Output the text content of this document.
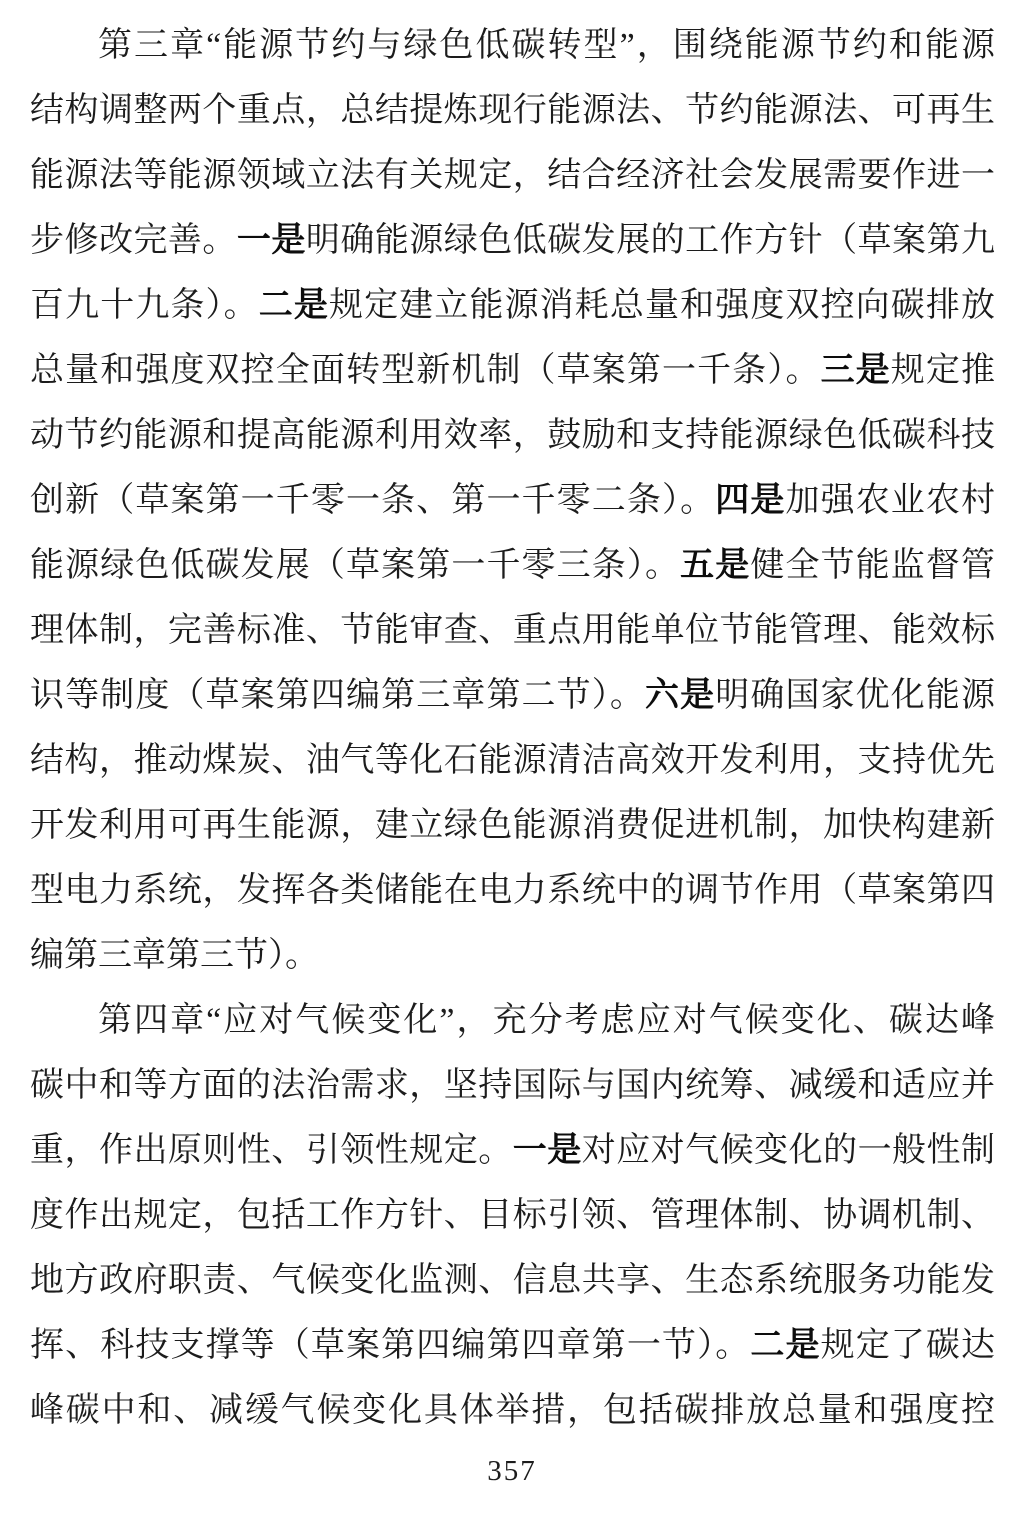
第三章“能源节约与绿色低碳转型”，围绕能源节约和能源
结构调整两个重点，总结提炼现行能源法、节约能源法、可再生
能源法等能源领域立法有关规定，结合经济社会发展需要作进一
步修改完善。一是明确能源绿色低碳发展的工作方针（草案第九
百九十九条）。二是规定建立能源消耗总量和强度双控向碳排放
总量和强度双控全面转型新机制（草案第一千条）。三是规定推
动节约能源和提高能源利用效率，鼓励和支持能源绿色低碳科技
创新（草案第一千零一条、第一千零二条）。四是加强农业农村
能源绿色低碳发展（草案第一千零三条）。五是健全节能监督管
理体制，完善标准、节能审查、重点用能单位节能管理、能效标
识等制度（草案第四编第三章第二节）。六是明确国家优化能源
结构，推动煤炭、油气等化石能源清洁高效开发利用，支持优先
开发利用可再生能源，建立绿色能源消费促进机制，加快构建新
型电力系统，发挥各类储能在电力系统中的调节作用（草案第四
编第三章第三节）。
第四章“应对气候变化”，充分考虑应对气候变化、碳达峰
碳中和等方面的法治需求，坚持国际与国内统筹、减缓和适应并
重，作出原则性、引领性规定。一是对应对气候变化的一般性制
度作出规定，包括工作方针、目标引领、管理体制、协调机制、
地方政府职责、气候变化监测、信息共享、生态系统服务功能发
挥、科技支撑等（草案第四编第四章第一节）。二是规定了碳达
峰碳中和、减缓气候变化具体举措，包括碳排放总量和强度控
357
